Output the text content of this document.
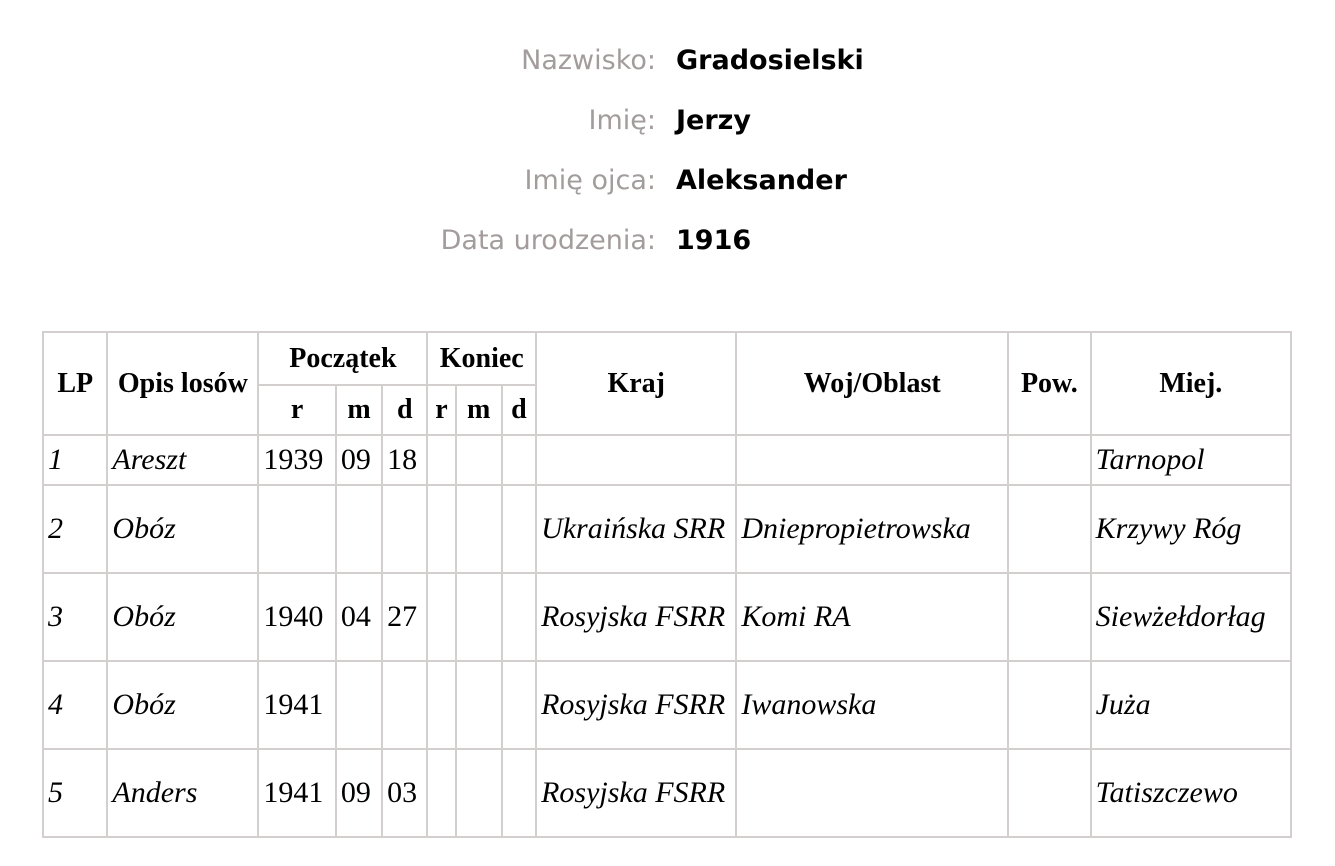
Nazwisko: Gradosielski
Imię: Jerzy
Imię ojca: Aleksander
Data urodzenia: 1916
LP	Opis losów	Początek			Koniec			Kraj	Woj/Oblast	Pow.	Miej.
		r	m	d	r	m	d				
1	Areszt	1939	09	18							Tarnopol
2	Obóz							Ukraińska SRR	Dniepropietrowska		Krzywy Róg
3	Obóz	1940	04	27				Rosyjska FSRR	Komi RA		Siewżełdorłag
4	Obóz	1941						Rosyjska FSRR	Iwanowska		Juża
5	Anders	1941	09	03				Rosyjska FSRR			Tatiszczewo
